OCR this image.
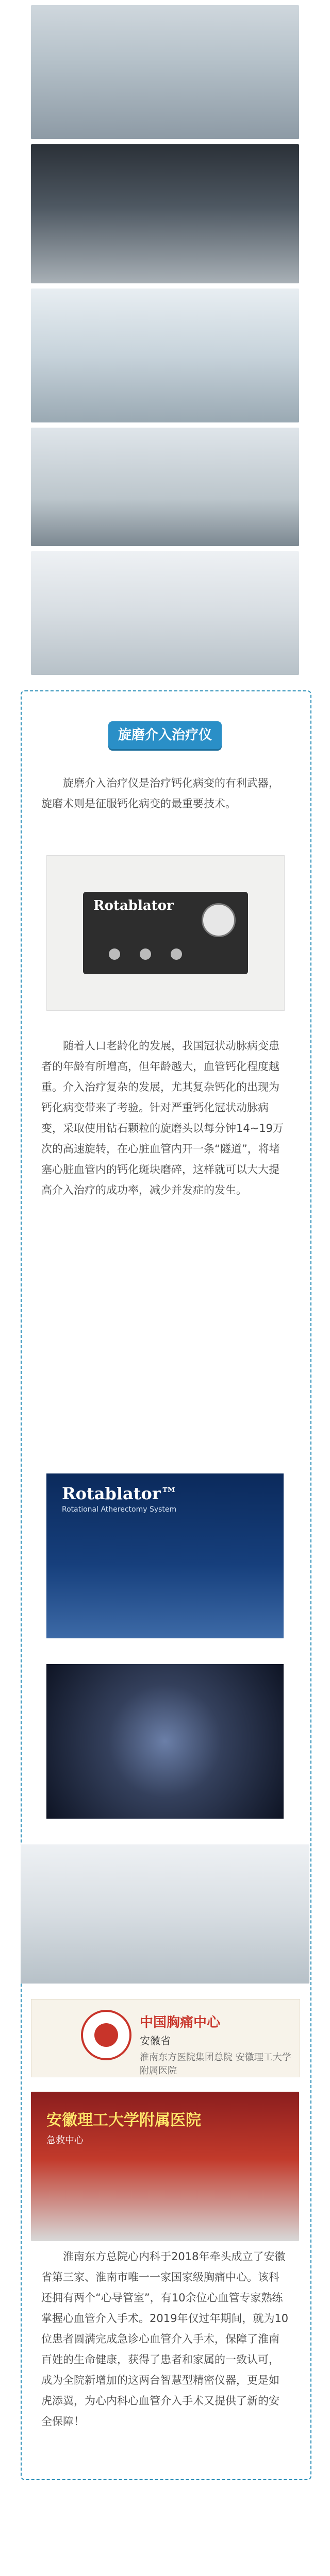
旋磨介入治疗仪
旋磨介入治疗仪是治疗钙化病变的有利武器，旋磨术则是征服钙化病变的最重要技术。
Rotablator
随着人口老龄化的发展，我国冠状动脉病变患者的年龄有所增高，但年龄越大，血管钙化程度越重。介入治疗复杂的发展，尤其复杂钙化的出现为钙化病变带来了考验。针对严重钙化冠状动脉病变，采取使用钻石颗粒的旋磨头以每分钟14~19万次的高速旋转，在心脏血管内开一条“隧道”，将堵塞心脏血管内的钙化斑块磨碎，这样就可以大大提高介入治疗的成功率，减少并发症的发生。
Rotablator™
Rotational Atherectomy System
中国胸痛中心
安徽省
淮南东方医院集团总院 安徽理工大学附属医院
安徽理工大学附属医院
急救中心
淮南东方总院心内科于2018年牵头成立了安徽省第三家、淮南市唯一一家国家级胸痛中心。该科还拥有两个“心导管室”，有10余位心血管专家熟练掌握心血管介入手术。2019年仅过年期间，就为10位患者圆满完成急诊心血管介入手术，保障了淮南百姓的生命健康，获得了患者和家属的一致认可，成为全院新增加的这两台智慧型精密仪器，更是如虎添翼，为心内科心血管介入手术又提供了新的安全保障！
